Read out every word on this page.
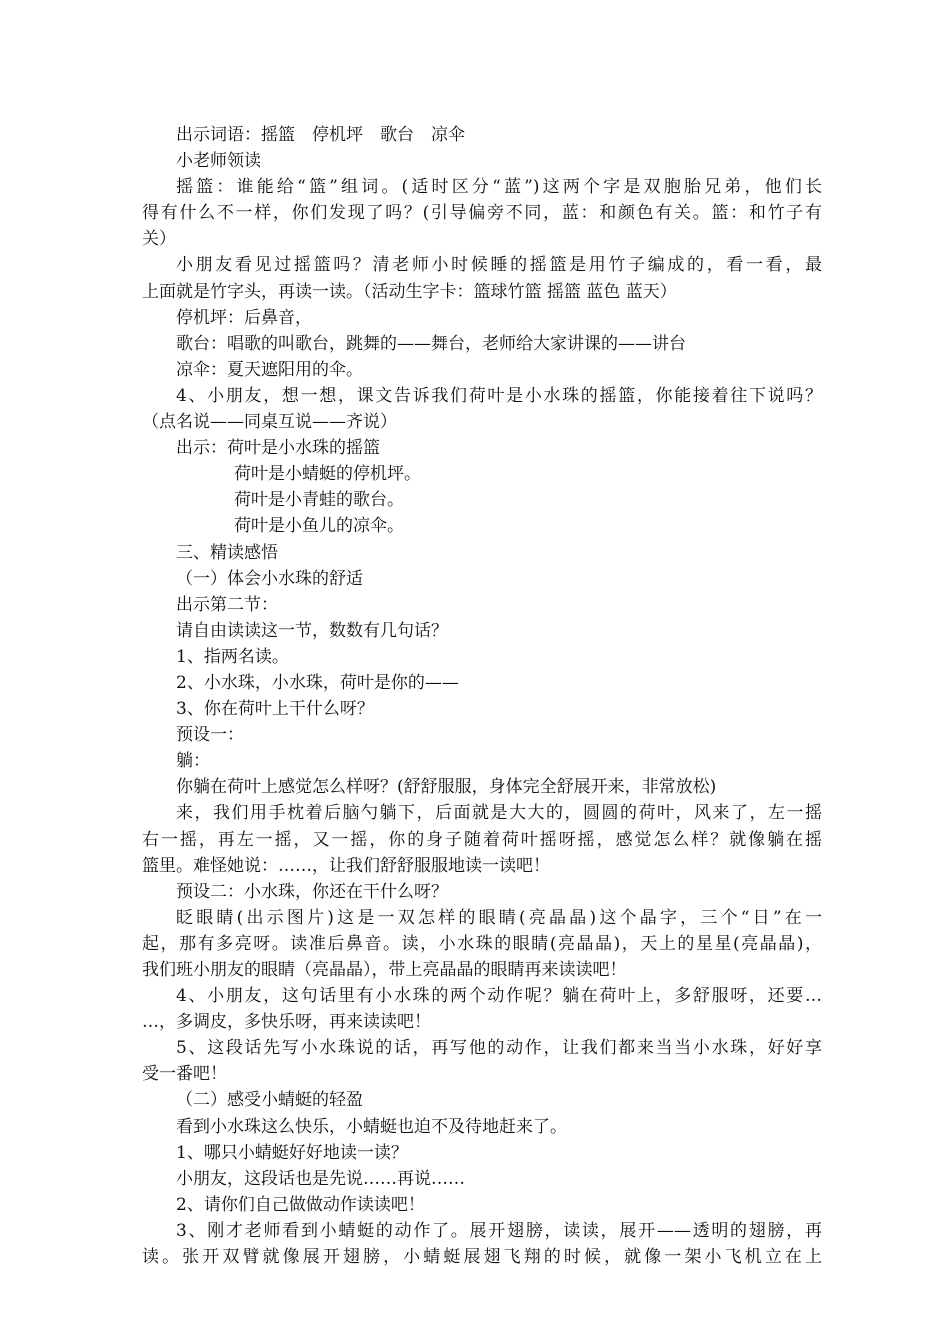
出示词语：摇篮　停机坪　歌台　凉伞
小老师领读
摇篮：谁能给“篮”组词。(适时区分“蓝”)这两个字是双胞胎兄弟，他们长
得有什么不一样，你们发现了吗？(引导偏旁不同，蓝：和颜色有关。篮：和竹子有
关）
小朋友看见过摇篮吗？清老师小时候睡的摇篮是用竹子编成的，看一看，最
上面就是竹字头，再读一读。（活动生字卡：篮球竹篮 摇篮 蓝色 蓝天）
停机坪：后鼻音，
歌台：唱歌的叫歌台，跳舞的——舞台，老师给大家讲课的——讲台
凉伞：夏天遮阳用的伞。
4、小朋友，想一想，课文告诉我们荷叶是小水珠的摇篮，你能接着往下说吗？
（点名说——同桌互说——齐说）
出示：荷叶是小水珠的摇篮
荷叶是小蜻蜓的停机坪。
荷叶是小青蛙的歌台。
荷叶是小鱼儿的凉伞。
三、精读感悟
（一）体会小水珠的舒适
出示第二节：
请自由读读这一节，数数有几句话？
1、指两名读。
2、小水珠，小水珠，荷叶是你的——
3、你在荷叶上干什么呀？
预设一：
躺：
你躺在荷叶上感觉怎么样呀？(舒舒服服，身体完全舒展开来，非常放松)
来，我们用手枕着后脑勺躺下，后面就是大大的，圆圆的荷叶，风来了，左一摇
右一摇，再左一摇，又一摇，你的身子随着荷叶摇呀摇，感觉怎么样？就像躺在摇
篮里。难怪她说：……，让我们舒舒服服地读一读吧！
预设二：小水珠，你还在干什么呀？
眨眼睛(出示图片)这是一双怎样的眼睛(亮晶晶)这个晶字，三个“日”在一
起，那有多亮呀。读准后鼻音。读，小水珠的眼睛(亮晶晶)，天上的星星(亮晶晶)，
我们班小朋友的眼睛（亮晶晶），带上亮晶晶的眼睛再来读读吧！
4、小朋友，这句话里有小水珠的两个动作呢？躺在荷叶上，多舒服呀，还要…
…，多调皮，多快乐呀，再来读读吧！
5、这段话先写小水珠说的话，再写他的动作，让我们都来当当小水珠，好好享
受一番吧！
（二）感受小蜻蜓的轻盈
看到小水珠这么快乐，小蜻蜓也迫不及待地赶来了。
1、哪只小蜻蜓好好地读一读？
小朋友，这段话也是先说……再说……
2、请你们自己做做动作读读吧！
3、刚才老师看到小蜻蜓的动作了。展开翅膀，读读，展开——透明的翅膀，再
读。张开双臂就像展开翅膀，小蜻蜓展翅飞翔的时候，就像一架小飞机立在上
